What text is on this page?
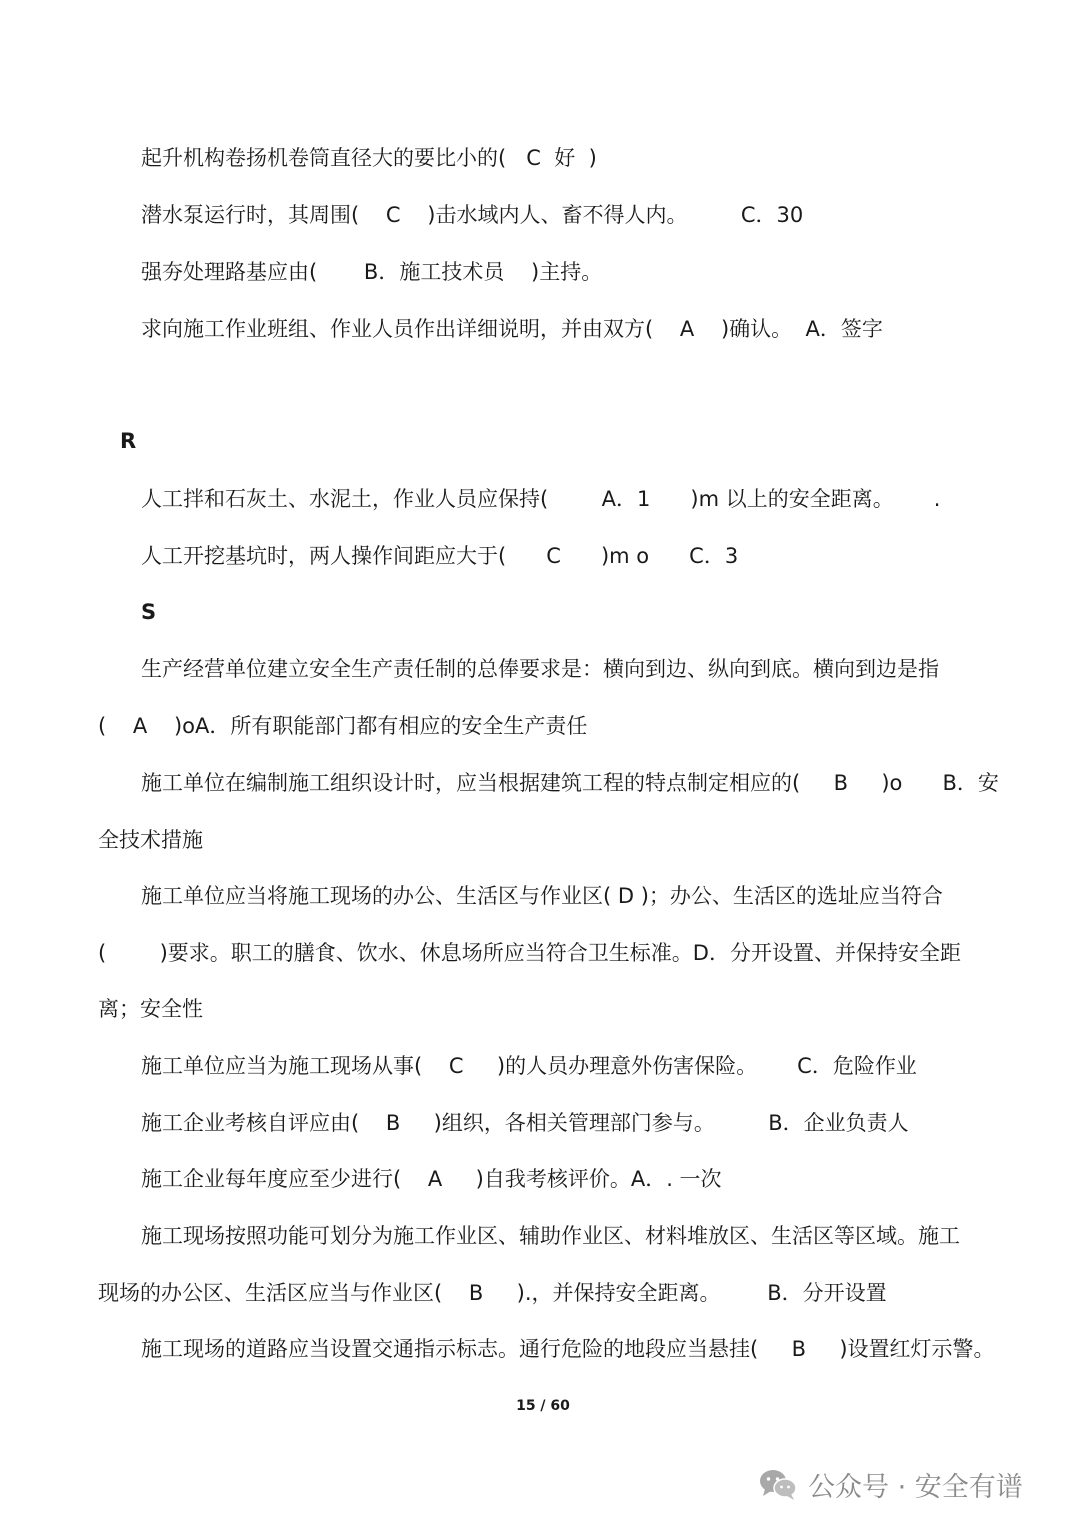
起升机构卷扬机卷筒直径大的要比小的(   C  好  )
潜水泵运行时，其周围(    C    )击水域内人、畜不得人内。        C．30
强夯处理路基应由(       B．施工技术员    )主持。
求向施工作业班组、作业人员作出详细说明，并由双方(    A    )确认。  A．签字
R
人工拌和石灰土、水泥土，作业人员应保持(        A．1      )m 以上的安全距离。      .
人工开挖基坑时，两人操作间距应大于(      C      )m o      C．3
S
生产经营单位建立安全生产责任制的总俸要求是：横向到边、纵向到底。横向到边是指
(    A    )oA．所有职能部门都有相应的安全生产责任
施工单位在编制施工组织设计时，应当根据建筑工程的特点制定相应的(     B     )o      B．安
全技术措施
施工单位应当将施工现场的办公、生活区与作业区( D )；办公、生活区的选址应当符合
(        )要求。职工的膳食、饮水、休息场所应当符合卫生标准。D．分开设置、并保持安全距
离；安全性
施工单位应当为施工现场从事(    C     )的人员办理意外伤害保险。      C．危险作业
施工企业考核自评应由(    B     )组织，各相关管理部门参与。        B．企业负责人
施工企业每年度应至少进行(    A     )自我考核评价。A．. 一次
施工现场按照功能可划分为施工作业区、辅助作业区、材料堆放区、生活区等区域。施工
现场的办公区、生活区应当与作业区(    B     ).，并保持安全距离。       B．分开设置
施工现场的道路应当设置交通指示标志。通行危险的地段应当悬挂(     B     )设置红灯示警。
15 / 60
公众号 · 安全有谱
